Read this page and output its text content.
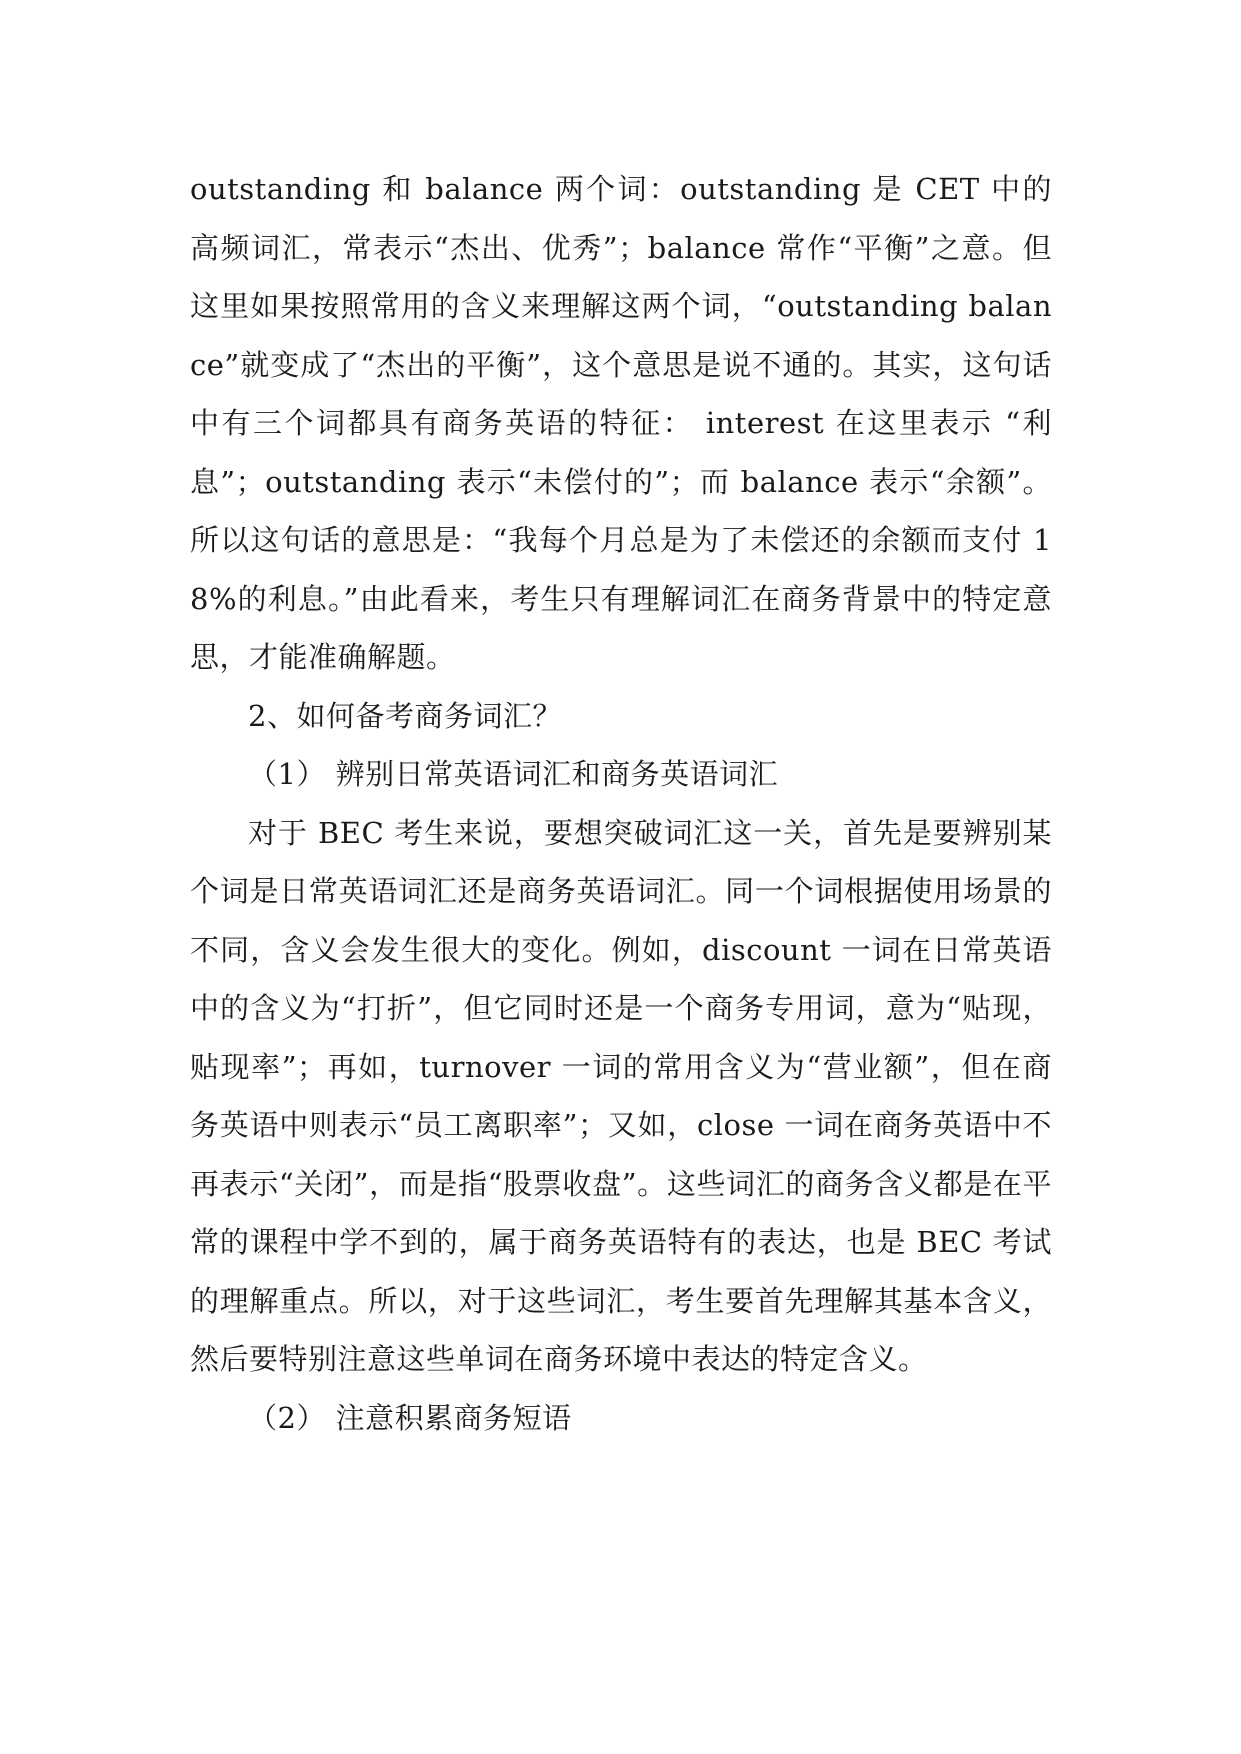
outstanding 和 balance 两个词：outstanding 是 CET 中的高频词汇，常表示“杰出、优秀”；balance 常作“平衡”之意。但这里如果按照常用的含义来理解这两个词，“outstanding balance”就变成了“杰出的平衡”，这个意思是说不通的。其实，这句话中有三个词都具有商务英语的特征： interest 在这里表示 “利息”；outstanding 表示“未偿付的”；而 balance 表示“余额”。所以这句话的意思是：“我每个月总是为了未偿还的余额而支付 18%的利息。”由此看来，考生只有理解词汇在商务背景中的特定意思，才能准确解题。

2、如何备考商务词汇？

（1） 辨别日常英语词汇和商务英语词汇

对于 BEC 考生来说，要想突破词汇这一关，首先是要辨别某个词是日常英语词汇还是商务英语词汇。同一个词根据使用场景的不同，含义会发生很大的变化。例如，discount 一词在日常英语中的含义为“打折”，但它同时还是一个商务专用词，意为“贴现，贴现率”；再如，turnover 一词的常用含义为“营业额”，但在商务英语中则表示“员工离职率”；又如，close 一词在商务英语中不再表示“关闭”，而是指“股票收盘”。这些词汇的商务含义都是在平常的课程中学不到的，属于商务英语特有的表达，也是 BEC 考试的理解重点。所以，对于这些词汇，考生要首先理解其基本含义，然后要特别注意这些单词在商务环境中表达的特定含义。

（2） 注意积累商务短语
